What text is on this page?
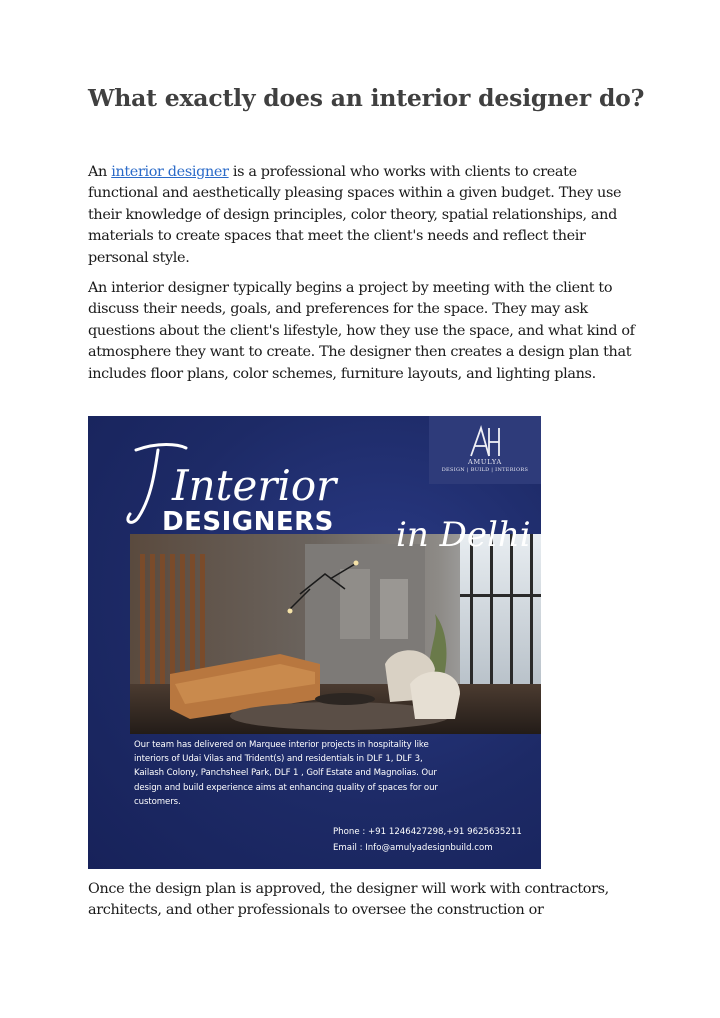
What exactly does an interior designer do?

An interior designer is a professional who works with clients to create functional and aesthetically pleasing spaces within a given budget. They use their knowledge of design principles, color theory, spatial relationships, and materials to create spaces that meet the client's needs and reflect their personal style.

An interior designer typically begins a project by meeting with the client to discuss their needs, goals, and preferences for the space. They may ask questions about the client's lifestyle, how they use the space, and what kind of atmosphere they want to create. The designer then creates a design plan that includes floor plans, color schemes, furniture layouts, and lighting plans.

Interior
in Delhi
DESIGNERS
AMULYA
DESIGN | BUILD | INTERIORS
Our team has delivered on Marquee interior projects in hospitality like interiors of Udai Vilas and Trident(s) and residentials in DLF 1, DLF 3, Kailash Colony, Panchsheel Park, DLF 1 , Golf Estate and Magnolias. Our design and build experience aims at enhancing quality of spaces for our customers.
Phone : +91 1246427298,+91 9625635211
Email : Info@amulyadesignbuild.com

Once the design plan is approved, the designer will work with contractors, architects, and other professionals to oversee the construction or
